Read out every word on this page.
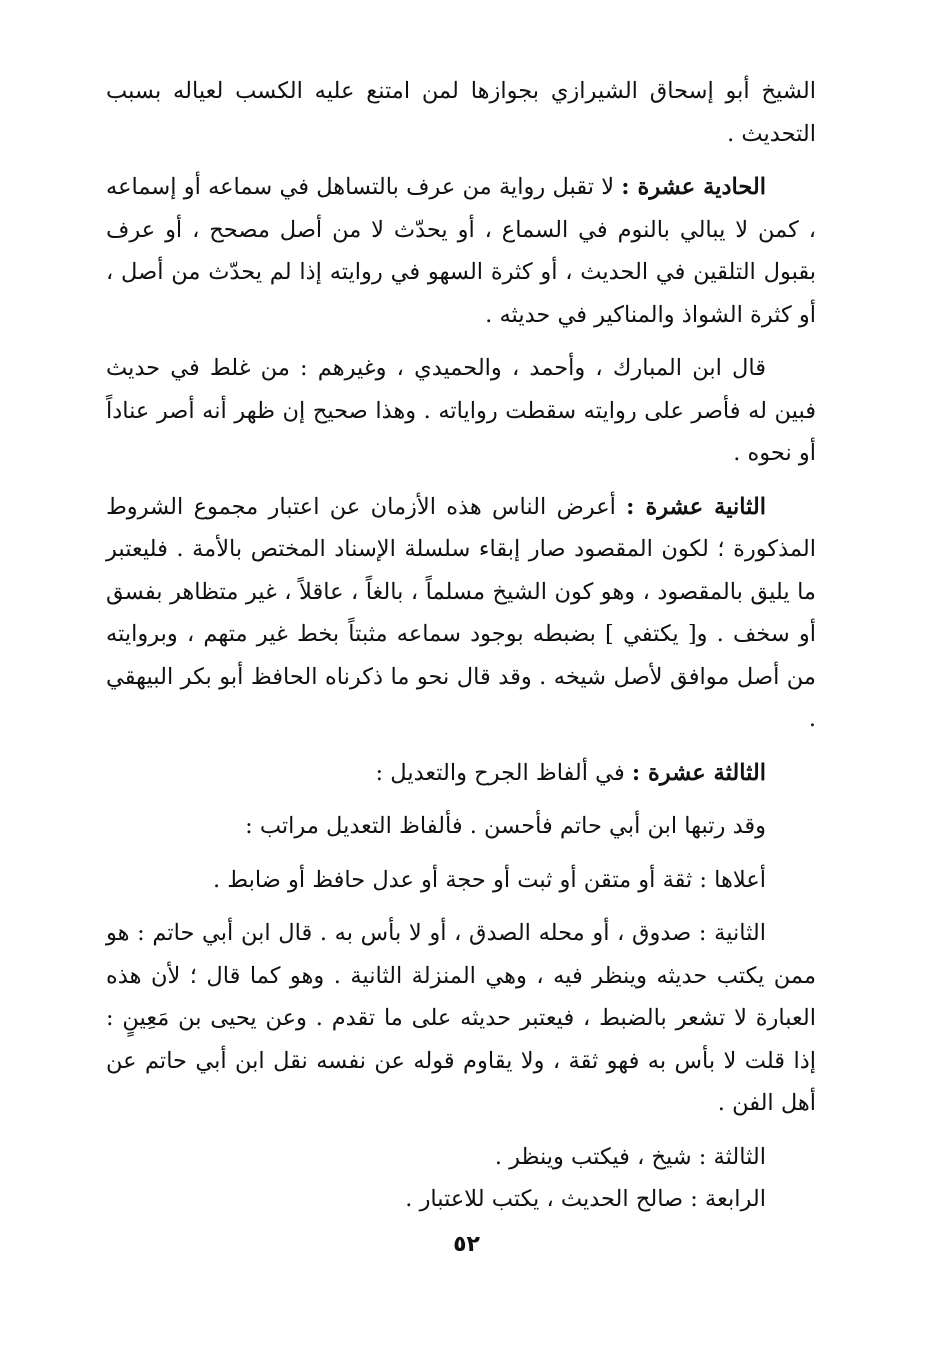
الشيخ أبو إسحاق الشيرازي بجوازها لمن امتنع عليه الكسب لعياله بسبب التحديث .

الحادية عشرة : لا تقبل رواية من عرف بالتساهل في سماعه أو إسماعه ، كمن لا يبالي بالنوم في السماع ، أو يحدّث لا من أصل مصحح ، أو عرف بقبول التلقين في الحديث ، أو كثرة السهو في روايته إذا لم يحدّث من أصل ، أو كثرة الشواذ والمناكير في حديثه .

قال ابن المبارك ، وأحمد ، والحميدي ، وغيرهم : من غلط في حديث فبين له فأصر على روايته سقطت رواياته . وهذا صحيح إن ظهر أنه أصر عناداً أو نحوه .

الثانية عشرة : أعرض الناس هذه الأزمان عن اعتبار مجموع الشروط المذكورة ؛ لكون المقصود صار إبقاء سلسلة الإسناد المختص بالأمة . فليعتبر ما يليق بالمقصود ، وهو كون الشيخ مسلماً ، بالغاً ، عاقلاً ، غير متظاهر بفسق أو سخف . و[ يكتفي ] بضبطه بوجود سماعه مثبتاً بخط غير متهم ، وبروايته من أصل موافق لأصل شيخه . وقد قال نحو ما ذكرناه الحافظ أبو بكر البيهقي .

الثالثة عشرة : في ألفاظ الجرح والتعديل :

وقد رتبها ابن أبي حاتم فأحسن . فألفاظ التعديل مراتب :

أعلاها : ثقة أو متقن أو ثبت أو حجة أو عدل حافظ أو ضابط .

الثانية : صدوق ، أو محله الصدق ، أو لا بأس به . قال ابن أبي حاتم : هو ممن يكتب حديثه وينظر فيه ، وهي المنزلة الثانية . وهو كما قال ؛ لأن هذه العبارة لا تشعر بالضبط ، فيعتبر حديثه على ما تقدم . وعن يحيى بن مَعِينٍ : إذا قلت لا بأس به فهو ثقة ، ولا يقاوم قوله عن نفسه نقل ابن أبي حاتم عن أهل الفن .

الثالثة : شيخ ، فيكتب وينظر .
الرابعة : صالح الحديث ، يكتب للاعتبار .
٥٢
